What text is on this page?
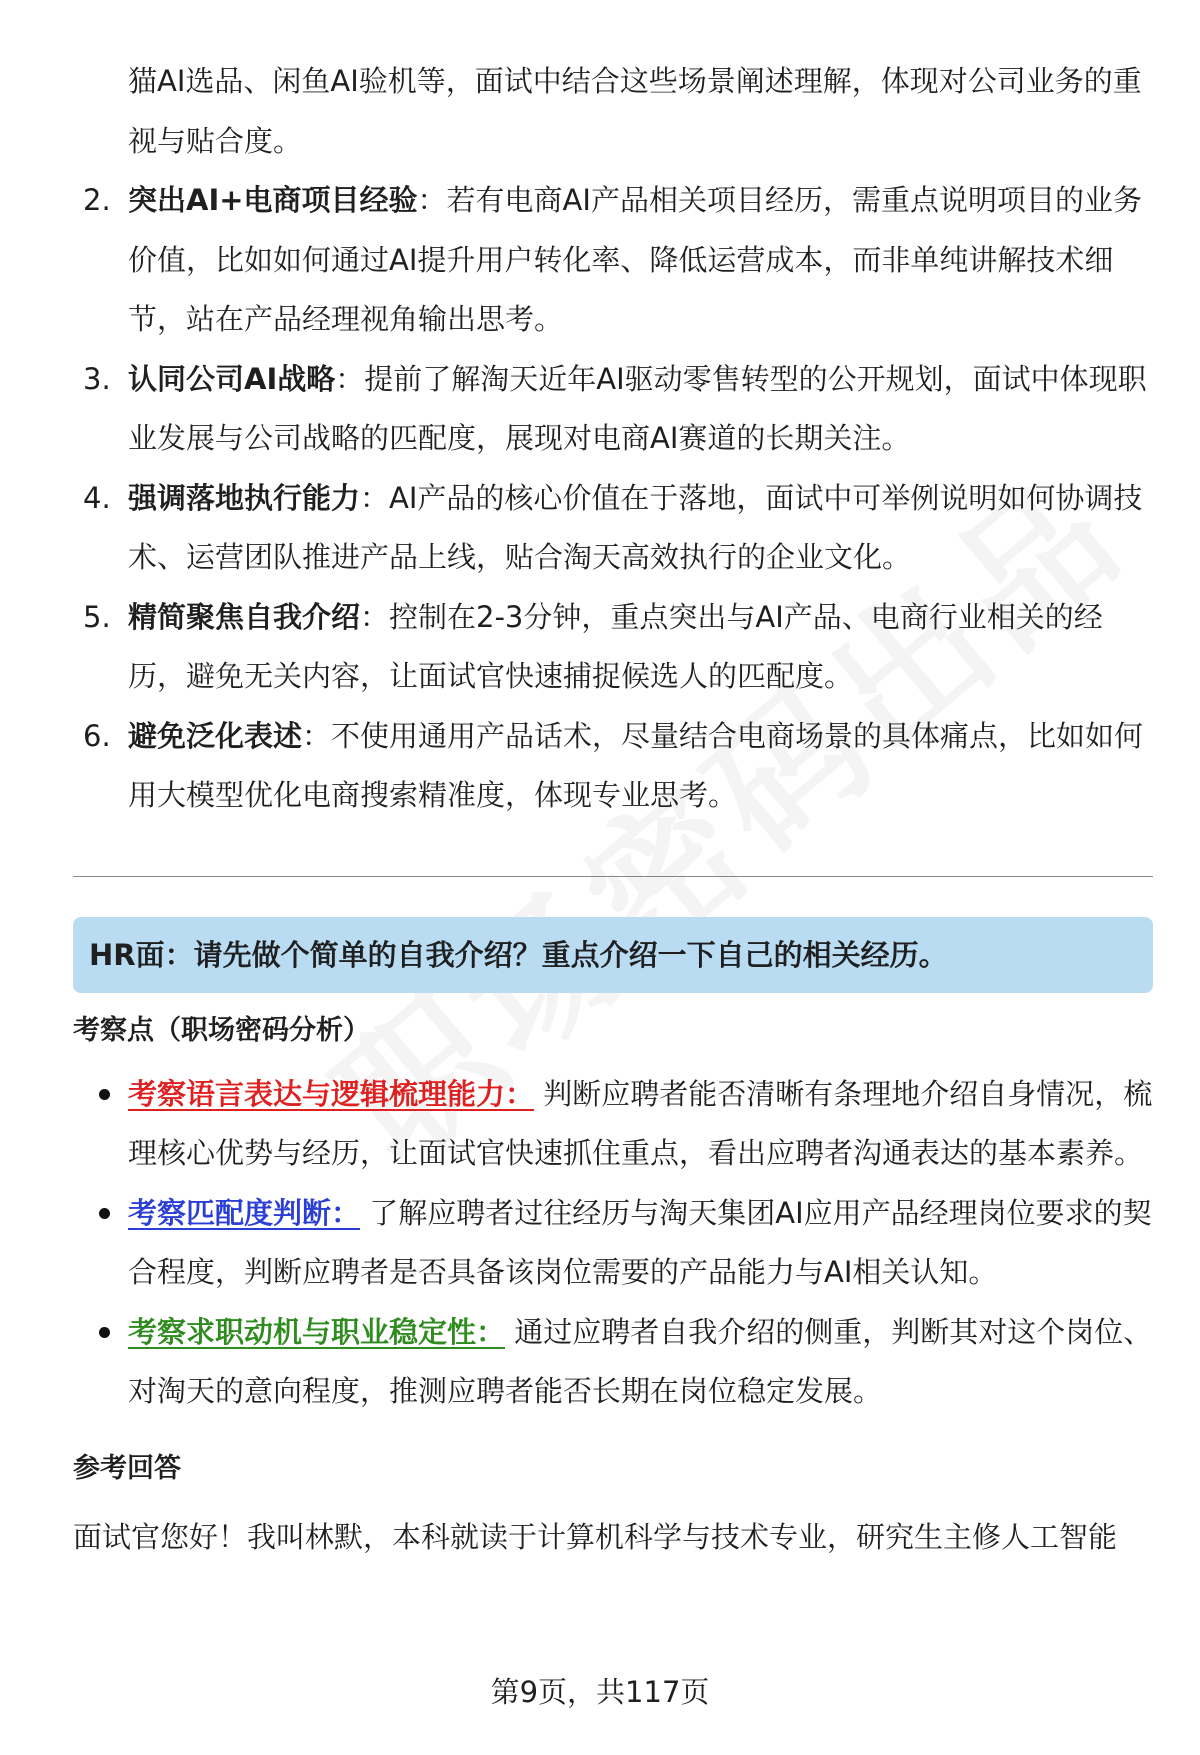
猫AI选品、闲鱼AI验机等，面试中结合这些场景阐述理解，体现对公司业务的重视与贴合度。

2. 突出AI+电商项目经验：若有电商AI产品相关项目经历，需重点说明项目的业务价值，比如如何通过AI提升用户转化率、降低运营成本，而非单纯讲解技术细节，站在产品经理视角输出思考。
3. 认同公司AI战略：提前了解淘天近年AI驱动零售转型的公开规划，面试中体现职业发展与公司战略的匹配度，展现对电商AI赛道的长期关注。
4. 强调落地执行能力：AI产品的核心价值在于落地，面试中可举例说明如何协调技术、运营团队推进产品上线，贴合淘天高效执行的企业文化。
5. 精简聚焦自我介绍：控制在2-3分钟，重点突出与AI产品、电商行业相关的经历，避免无关内容，让面试官快速捕捉候选人的匹配度。
6. 避免泛化表述：不使用通用产品话术，尽量结合电商场景的具体痛点，比如如何用大模型优化电商搜索精准度，体现专业思考。
HR面：请先做个简单的自我介绍？重点介绍一下自己的相关经历。
考察点（职场密码分析）
考察语言表达与逻辑梳理能力： 判断应聘者能否清晰有条理地介绍自身情况，梳理核心优势与经历，让面试官快速抓住重点，看出应聘者沟通表达的基本素养。
考察匹配度判断： 了解应聘者过往经历与淘天集团AI应用产品经理岗位要求的契合程度，判断应聘者是否具备该岗位需要的产品能力与AI相关认知。
考察求职动机与职业稳定性： 通过应聘者自我介绍的侧重，判断其对这个岗位、对淘天的意向程度，推测应聘者能否长期在岗位稳定发展。
参考回答
面试官您好！我叫林默，本科就读于计算机科学与技术专业，研究生主修人工智能
第9页，共117页
